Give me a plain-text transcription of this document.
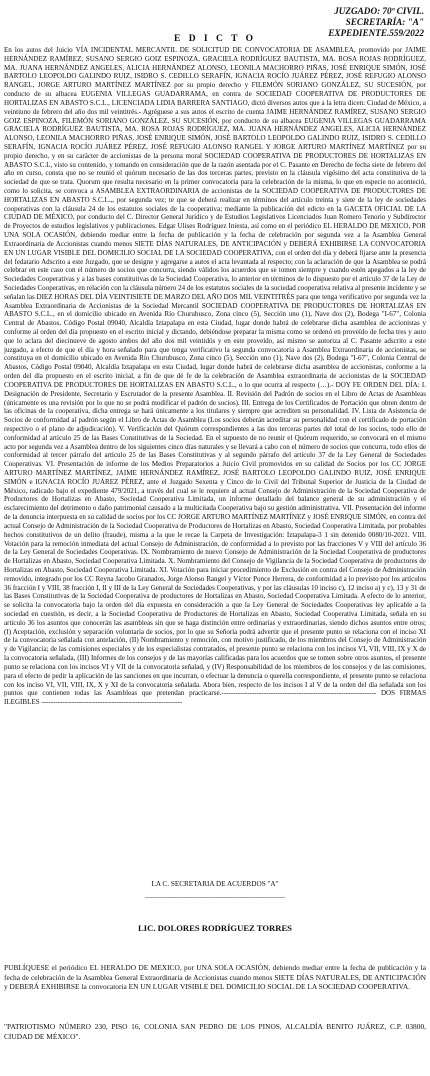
JUZGADO: 70º CIVIL.
SECRETARÍA: "A"
EXPEDIENTE.559/2022
E D I C T O

En los autos del Juicio VÍA INCIDENTAL MERCANTIL DE SOLICITUD DE CONVOCATORIA DE ASAMBLEA, promovido por JAIME HERNÁNDEZ RAMÍREZ, SUSANO SERGIO GOIZ ESPINOZA, GRACIELA RODRÍGUEZ BAUTISTA, MA. ROSA ROJAS RODRÍGUEZ, MA. JUANA HERNÁNDEZ ANGELES, ALICIA HERNÁNDEZ ALONSO, LEONILA MACHORRO PIÑAS, JOSÉ ENRIQUE SIMÓN, JOSÉ BARTOLO LEOPOLDO GALINDO RUIZ, ISIDRO S. CEDILLO SERAFÍN, IGNACIA ROCÍO JUÁREZ PÉREZ, JOSÉ REFUGIO ALONSO RANGEL, JORGE ARTURO MARTÍNEZ MARTÍNEZ por su propio derecho y FILEMÓN SORIANO GONZÁLEZ, SU SUCESIÓN, por conducto de su albacea EUGENIA VILLEGAS GUADARRAMA, en contra de SOCIEDAD COOPERATIVA DE PRODUCTORES DE HORTALIZAS EN ABASTO S.C.L., LICENCIADA LIDIA BARRERA SANTIAGO, dictó diversos autos que a la letra dicen: Ciudad de México, a veintiuno de febrero del año dos mil veintitrés.- Agréguese a sus autos el escrito de cuenta JAIME HERNÁNDEZ RAMÍREZ, SUSANO SERGIO GOIZ ESPINOZA, FILEMÓN SORIANO GONZÁLEZ, SU SUCESIÓN, por conducto de su albacea EUGENIA VILLEGAS GUADARRAMA GRACIELA RODRÍGUEZ BAUTISTA, MA. ROSA ROJAS RODRÍGUEZ, MA. JUANA HERNÁNDEZ ANGELES, ALICIA HERNÁNDEZ ALONSO, LEONILA MACHORRO PIÑAS, JOSÉ ENRIQUE SIMÓN, JOSÉ BARTOLO LEOPOLDO GALINDO RUIZ, ISIDRO S. CEDILLO SERAFÍN, IGNACIA ROCÍO JUÁREZ PÉREZ, JOSÉ REFUGIO ALONSO RANGEL Y JORGE ARTURO MARTÍNEZ MARTÍNEZ por su propio derecho, y en su carácter de accionistas de la persona moral SOCIEDAD COOPERATIVA DE PRODUCTORES DE HORTALIZAS EN ABASTO S.C.L, visto su contenido, y tomando en consideración que de la razón asentada por el C. Pasante en Derecho de fecha siete de febrero del año en curso, consta que no se reunió el quórum necesario de las dos terceras partes, previsto en la cláusula vigésimo del acta constitutiva de la sociedad de que se trata. Quorum que resulta necesario en la primer convocatoria para la celebración de la misma, lo que en especie no aconteció, como lo solicita, se convoca a ASAMBLEA EXTRAORDINARIA de accionistas de la SOCIEDAD COOPERATIVA DE PRODUCTORES DE HORTALIZAS EN ABASTO S.C.L.,, por segunda vez; te que se deberá realizar en términos del artículo treinta y siete de la ley de sociedades cooperativas con la cláusula 24 de los estatutos sociales de la cooperativa; mediante la publicación del edicto en la GACETA OFICIAL DE LA CIUDAD DE MÉXICO, por conducto del C. Director General Jurídico y de Estudios Legislativos Licenciados Juan Romero Tenorio y Subdirector de Proyectos de estudios legislativos y publicaciones. Edgar Ulises Rodríguez Iniesta, así como en el periódico EL HERALDO DE MEXICO, POR UNA SOLA OCASIÓN, debiendo mediar entre la fecha de publicación y la fecha de celebración por segunda vez a la Asamblea General Extraordinaria de Accionistas cuando menos SIETE DÍAS NATURALES, DE ANTICIPACIÓN y DEBERÁ EXHIBIRSE LA CONVOCATORIA EN UN LUGAR VISIBLE DEL DOMICILIO SOCIAL DE LA SOCIEDAD COOPERATIVA, con el orden del día y deberá fijarse ante la presencia del fedatario Adscrito a este Juzgado, que se designe y agregarse a autos el acta levantada al respecto; con la aclaración de que la Asamblea se podrá celebrar en este caso con el número de socios que concurra, siendo válidos los acuerdos que se tomen siempre y cuando estén apegados a la ley de Sociedades Cooperativas y a las bases constitutivas de la Sociedad Cooperativa, lo anterior en términos de lo dispuesto por el artículo 37 de la Ley de Sociedades Cooperativas, en relación con la cláusula número 24 de los estatutos sociales de la sociedad cooperativa relativa al presente incidente y se señalan las DIEZ HORAS DEL DÍA VEINTISIETE DE MARZO DEL AÑO DOS MIL VEINTITRÉS para que tenga verificativo por segunda vez la Asamblea Extraordinaria de Accionistas de la Sociedad Mercantil SOCIEDAD COOPERATIVA DE PRODUCTORES DE HORTALIZAS EN ABASTO S.C.L., en el domicilio ubicado en Avenida Río Churubusco, Zona cinco (5), Sección uno (1), Nave dos (2), Bodega "I-67", Colonia Central de Abastos, Código Postal 09040, Alcaldía Iztapalapa en esta Ciudad, lugar donde habrá de celebrarse dicha asamblea de accionistas y conforme al orden del día propuesto en el escrito inicial y dictando, debiéndose preparar la misma como se ordenó en proveído de fecha tres y auto que lo aclara del diecinueve de agosto ambos del año dos mil veintidós y en este proveído, así mismo se autoriza al C. Pasante adscrito a este juzgado, a efecto de que el día y hora señalado para que tenga verificativo la segunda convocatoria a Asamblea Extraordinaria de accionistas, se constituya en el domicilio ubicado en Avenida Río Churubusco, Zona cinco (5), Sección uno (1), Nave dos (2), Bodega "I-67", Colonia Central de Abastos, Código Postal 09040, Alcaldía Iztapalapa en esta Ciudad, lugar donde habrá de celebrarse dicha asamblea de accionistas, conforme a la orden del día propuesto en el escrito inicial, a fin de que dé fe de la celebración de Asamblea extraordinaria de accionistas de la SOCIEDAD COOPERATIVA DE PRODUCTORES DE HORTALIZAS EN ABASTO S.C.L., o lo que ocurra al respecto (…).- DOY FE ORDEN DEL DÍA: I. Designación de Presidente, Secretario y Escrutador de la presente Asamblea. II. Revisión del Padrón de socios en el Libro de Actas de Asambleas (únicamente es una revisión por lo que no se podrá modificar el padrón de socios). III. Entrega de los Certificados de Portación que obren dentro de las oficinas de la cooperativa, dicha entrega se hará únicamente a los titulares y siempre que acrediten su personalidad. IV. Lista de Asistencia de Socios de conformidad al padrón según el Libro de Actas de Asamblea (Los socios deberán acreditar su personalidad con el certificado de portación respectivo o el plano de adjudicación). V. Verificación del Quórum correspondientes a las dos terceras partes del total de los socios, todo ello de conformidad al artículo 25 de las Bases Constitutivas de la Sociedad. En el supuesto de no reunir el Quórum requerido, se convocará en el mismo acto por segunda vez a Asamblea dentro de los siguientes cinco días naturales y se llevará a cabo con el número de socios que concurra, todo ellos de conformidad al tercer párrafo del artículo 25 de las Bases Constitutivas y al segundo párrafo del artículo 37 de la Ley General de Sociedades Cooperativas. VI. Presentación de informe de los Medios Preparatorios a Juicio Civil promovidos en su calidad de Socios por los CC JORGE ARTURO MARTÍNEZ MARTÍNEZ, JAIME HERNÁNDEZ RAMÍREZ, JOSÉ BARTOLO LEOPOLDO GALINDO RUIZ, JOSÉ ENRIQUE SIMÓN e IGNACIA ROCÍO JUÁREZ PÉREZ, ante el Juzgado Sexenta y Cinco de lo Civil del Tribunal Superior de Justicia de la Ciudad de México, radicado bajo el expediente 479/2021, a través del cual se le requiere al actual Consejo de Administración de la Sociedad Cooperativa de Productores de Hortalizas en Abasto, Sociedad Cooperativa Limitada, un informe detallado del balance general de su administración y el esclarecimiento del detrimento o daño patrimonial causado a la multicitada Cooperativa bajo su gestión administrativa. VII. Presentación del informe de la denuncia interpuesta en su calidad de socios por los CC JORGE ARTURO MARTÍNEZ MARTÍNEZ y JOSÉ ENRIQUE SIMÓN, en contra del actual Consejo de Administración de la Sociedad Cooperativa de Productores de Hortalizas en Abasto, Sociedad Cooperativa Limitada, por probables hechos constitutivos de un delito (fraude), misma a la que le recae la Carpeta de Investigación: Iztapalapa-3 1 sin detenido 0080/10-2021. VIII. Votación para la remoción inmediata del actual Consejo de Administración, de conformidad a lo previsto por las fracciones V y VIII del artículo 36 de la Ley General de Sociedades Cooperativas. IX. Nombramiento de nuevo Consejo de Administración de la Sociedad Cooperativa de productores de Hortalizas en Abasto, Sociedad Cooperativa Limitada. X. Nombramiento del Consejo de Vigilancia de la Sociedad Cooperativa de productores de Hortalizas en Abasto, Sociedad Cooperativa Limitada. XI. Votación para iniciar procedimiento de Exclusión en contra del Consejo de Administración removido, integrado por los CC Reyna Jacobo Granados, Jorge Alonso Rangel y Víctor Ponce Herrera, de conformidad a lo previsto por los artículos 36 fracción I y VIII, 38 fracción I, II y III de la Ley General de Sociedades Cooperativas, y por las cláusulas 10 inciso c), 12 inciso a) y c), 13 y 31 de las Bases Constitutivas de la Sociedad Cooperativa de productores de Hortalizas en Abasto, Sociedad Cooperativa Limitada. A efecto de lo anterior, se solicita la convocatoria bajo la orden del día expuesta en consideración a que la Ley General de Sociedades Cooperativas ley aplicable a la sociedad en cuestión, es decir, a la Sociedad Cooperativa de Productores de Hortalizas en Abasto, Sociedad Cooperativa Limitada, señala en su artículo 36 los asuntos que conocerán las asambleas sin que se haga distinción entre ordinarias y extraordinarias, siendo dichos asuntos entre otros; (I) Aceptación, exclusión y separación voluntaria de socios, por lo que su Señoría podrá advertir que el presente punto se relaciona con el inciso XI de la convocatoria señalada con antelación, (II) Nombramiento y remoción, con motivo justificado, de los miembros del Consejo de Administración y de Vigilancia; de las comisiones especiales y de los especialistas contratados, el presente punto se relaciona con los incisos VI, VII, VIII, IX y X de la convocatoria señalada, (III) Informes de los consejos y de las mayorías calificadas para los acuerdos que se tomen sobre otros asuntos, el presente punto se relaciona con los incisos VI y VII de la convocatoria señalad, y (IV) Responsabilidad de los miembros de los consejos y de las comisiones, para el efecto de pedir la aplicación de las sanciones en que incurran, o efectuar la denuncia o querella correspondiente, el presente punto se relaciona con los inciso VI, VII, VIII, IX, X y XI de la convocatoria señalada. Ahora bien, respecto de los incisos I al V de la orden del día señalada son los puntos que contienen todas las Asambleas que pretendan practicarse.------------------------------------------------------------------ DOS FIRMAS ILEGIBLES ------------------------------------------------------------

LA C. SECRETARIA DE ACUERDOS "A"
_______________________________________
LIC. DOLORES RODRÍGUEZ TORRES
PUBLÍQUESE el periódico EL HERALDO DE MEXICO, por UNA SOLA OCASIÓN, debiendo mediar entre la fecha de publicación y la fecha de celebración de la Asamblea General Extraordinaria de Accionistas cuando menos SIETE DÍAS NATURALES, DE ANTICIPACIÓN y DEBERÁ EXHIBIRSE la convocatoria EN UN LUGAR VISIBLE DEL DOMICILIO SOCIAL DE LA SOCIEDAD COOPERATIVA.
"PATRIOTISMO NÚMERO 230, PISO 16, COLONIA SAN PEDRO DE LOS PINOS, ALCALDÍA BENITO JUÁREZ, C.P. 03800, CIUDAD DE MÉXICO".
